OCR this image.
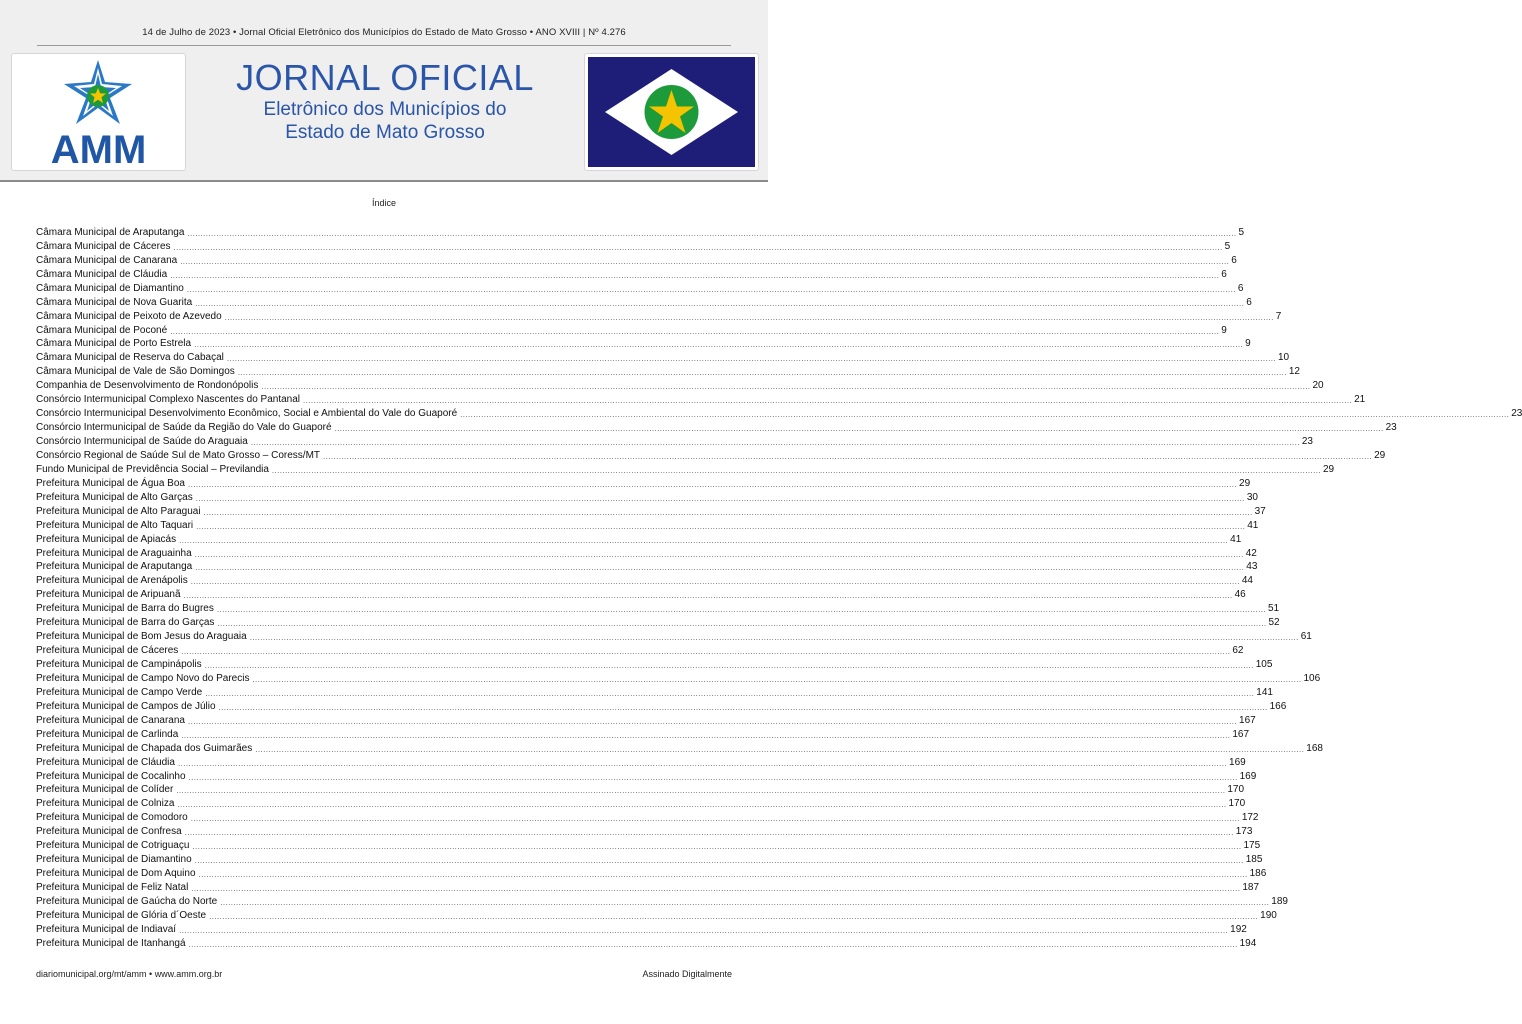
14 de Julho de 2023 • Jornal Oficial Eletrônico dos Municípios do Estado de Mato Grosso • ANO XVIII | Nº 4.276
AMM
JORNAL OFICIAL
Eletrônico dos Municípios do
Estado de Mato Grosso
Índice
Câmara Municipal de Araputanga ................................................................................................................................................................................................................................................................................................................................................................................................................ 5
Câmara Municipal de Cáceres ................................................................................................................................................................................................................................................................................................................................................................................................................ 5
Câmara Municipal de Canarana ................................................................................................................................................................................................................................................................................................................................................................................................................ 6
Câmara Municipal de Cláudia ................................................................................................................................................................................................................................................................................................................................................................................................................ 6
Câmara Municipal de Diamantino ................................................................................................................................................................................................................................................................................................................................................................................................................ 6
Câmara Municipal de Nova Guarita ................................................................................................................................................................................................................................................................................................................................................................................................................ 6
Câmara Municipal de Peixoto de Azevedo ................................................................................................................................................................................................................................................................................................................................................................................................................ 7
Câmara Municipal de Poconé ................................................................................................................................................................................................................................................................................................................................................................................................................ 9
Câmara Municipal de Porto Estrela ................................................................................................................................................................................................................................................................................................................................................................................................................ 9
Câmara Municipal de Reserva do Cabaçal ................................................................................................................................................................................................................................................................................................................................................................................................................ 10
Câmara Municipal de Vale de São Domingos ................................................................................................................................................................................................................................................................................................................................................................................................................ 12
Companhia de Desenvolvimento de Rondonópolis ................................................................................................................................................................................................................................................................................................................................................................................................................ 20
Consórcio Intermunicipal Complexo Nascentes do Pantanal ................................................................................................................................................................................................................................................................................................................................................................................................................ 21
Consórcio Intermunicipal Desenvolvimento Econômico, Social e Ambiental do Vale do Guaporé ................................................................................................................................................................................................................................................................................................................................................................................................................ 23
Consórcio Intermunicipal de Saúde da Região do Vale do Guaporé ................................................................................................................................................................................................................................................................................................................................................................................................................ 23
Consórcio Intermunicipal de Saúde do Araguaia ................................................................................................................................................................................................................................................................................................................................................................................................................ 23
Consórcio Regional de Saúde Sul de Mato Grosso – Coress/MT ................................................................................................................................................................................................................................................................................................................................................................................................................ 29
Fundo Municipal de Previdência Social – Previlandia ................................................................................................................................................................................................................................................................................................................................................................................................................ 29
Prefeitura Municipal de Água Boa ................................................................................................................................................................................................................................................................................................................................................................................................................ 29
Prefeitura Municipal de Alto Garças ................................................................................................................................................................................................................................................................................................................................................................................................................ 30
Prefeitura Municipal de Alto Paraguai ................................................................................................................................................................................................................................................................................................................................................................................................................ 37
Prefeitura Municipal de Alto Taquari ................................................................................................................................................................................................................................................................................................................................................................................................................ 41
Prefeitura Municipal de Apiacás ................................................................................................................................................................................................................................................................................................................................................................................................................ 41
Prefeitura Municipal de Araguainha ................................................................................................................................................................................................................................................................................................................................................................................................................ 42
Prefeitura Municipal de Araputanga ................................................................................................................................................................................................................................................................................................................................................................................................................ 43
Prefeitura Municipal de Arenápolis ................................................................................................................................................................................................................................................................................................................................................................................................................ 44
Prefeitura Municipal de Aripuanã ................................................................................................................................................................................................................................................................................................................................................................................................................ 46
Prefeitura Municipal de Barra do Bugres ................................................................................................................................................................................................................................................................................................................................................................................................................ 51
Prefeitura Municipal de Barra do Garças ................................................................................................................................................................................................................................................................................................................................................................................................................ 52
Prefeitura Municipal de Bom Jesus do Araguaia ................................................................................................................................................................................................................................................................................................................................................................................................................ 61
Prefeitura Municipal de Cáceres ................................................................................................................................................................................................................................................................................................................................................................................................................ 62
Prefeitura Municipal de Campinápolis ................................................................................................................................................................................................................................................................................................................................................................................................................ 105
Prefeitura Municipal de Campo Novo do Parecis ................................................................................................................................................................................................................................................................................................................................................................................................................ 106
Prefeitura Municipal de Campo Verde ................................................................................................................................................................................................................................................................................................................................................................................................................ 141
Prefeitura Municipal de Campos de Júlio ................................................................................................................................................................................................................................................................................................................................................................................................................ 166
Prefeitura Municipal de Canarana ................................................................................................................................................................................................................................................................................................................................................................................................................ 167
Prefeitura Municipal de Carlinda ................................................................................................................................................................................................................................................................................................................................................................................................................ 167
Prefeitura Municipal de Chapada dos Guimarães ................................................................................................................................................................................................................................................................................................................................................................................................................ 168
Prefeitura Municipal de Cláudia ................................................................................................................................................................................................................................................................................................................................................................................................................ 169
Prefeitura Municipal de Cocalinho ................................................................................................................................................................................................................................................................................................................................................................................................................ 169
Prefeitura Municipal de Colíder ................................................................................................................................................................................................................................................................................................................................................................................................................ 170
Prefeitura Municipal de Colniza ................................................................................................................................................................................................................................................................................................................................................................................................................ 170
Prefeitura Municipal de Comodoro ................................................................................................................................................................................................................................................................................................................................................................................................................ 172
Prefeitura Municipal de Confresa ................................................................................................................................................................................................................................................................................................................................................................................................................ 173
Prefeitura Municipal de Cotriguaçu ................................................................................................................................................................................................................................................................................................................................................................................................................ 175
Prefeitura Municipal de Diamantino ................................................................................................................................................................................................................................................................................................................................................................................................................ 185
Prefeitura Municipal de Dom Aquino ................................................................................................................................................................................................................................................................................................................................................................................................................ 186
Prefeitura Municipal de Feliz Natal ................................................................................................................................................................................................................................................................................................................................................................................................................ 187
Prefeitura Municipal de Gaúcha do Norte ................................................................................................................................................................................................................................................................................................................................................................................................................ 189
Prefeitura Municipal de Glória d´Oeste ................................................................................................................................................................................................................................................................................................................................................................................................................ 190
Prefeitura Municipal de Indiavaí ................................................................................................................................................................................................................................................................................................................................................................................................................ 192
Prefeitura Municipal de Itanhangá ................................................................................................................................................................................................................................................................................................................................................................................................................ 194
diariomunicipal.org/mt/amm • www.amm.org.br	Assinado Digitalmente
